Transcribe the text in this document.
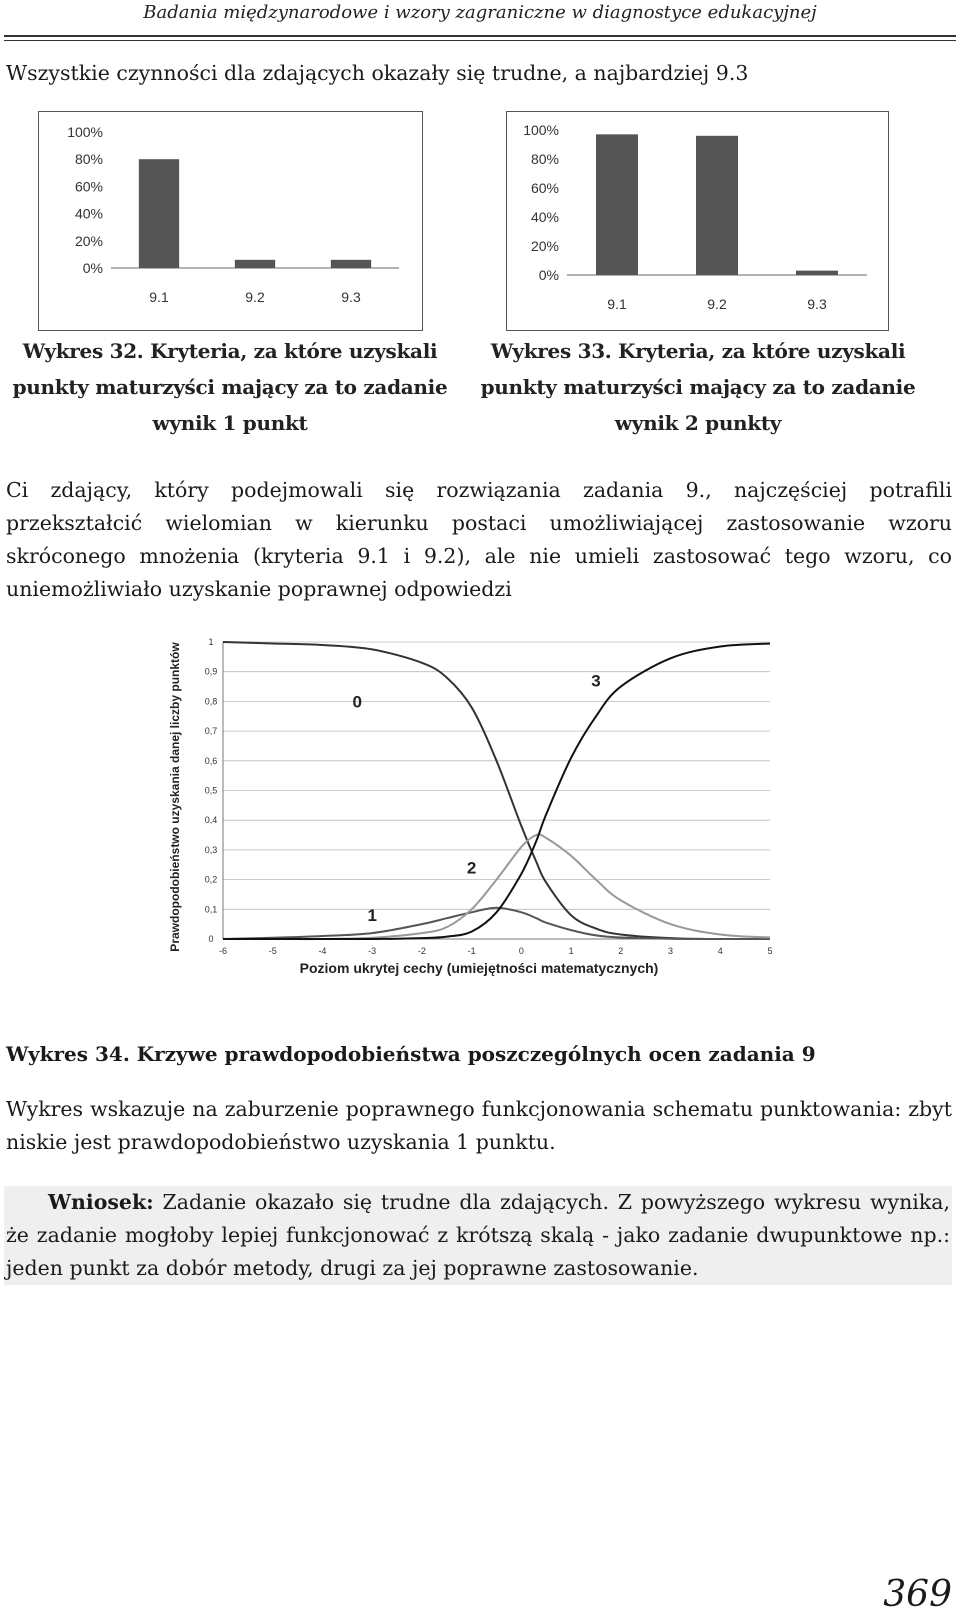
Badania międzynarodowe i wzory zagraniczne w diagnostyce edukacyjnej
Wszystkie czynności dla zdających okazały się trudne, a najbardziej 9.3
0%
20%
40%
60%
80%
100%
9.1	9.2	9.3
Wykres 32. Kryteria, za które uzyskali
punkty maturzyści mający za to zadanie
wynik 1 punkt
0%
20%
40%
60%
80%
100%
9.1	9.2	9.3
Wykres 33. Kryteria, za które uzyskali
punkty maturzyści mający za to zadanie
wynik 2 punkty
Ci zdający, który podejmowali się rozwiązania zadania 9., najczęściej potrafili przekształcić wielomian w kierunku postaci umożliwiającej zastosowanie wzoru skróconego mnożenia (kryteria 9.1 i 9.2), ale nie umieli zastosować tego wzoru, co uniemożliwiało uzyskanie poprawnej odpowiedzi
0
0,1
0,2
0,3
0,4
0,5
0,6
0,7
0,8
0,9
1
-6	-5	-4	-3	-2	-1	0	1	2	3	4	5
0
1
2
3
Poziom ukrytej cechy (umiejętności matematycznych)
Prawdopodobieństwo uzyskania danej liczby punktów
Wykres 34. Krzywe prawdopodobieństwa poszczególnych ocen zadania 9
Wykres wskazuje na zaburzenie poprawnego funkcjonowania schematu punktowania: zbyt niskie jest prawdopodobieństwo uzyskania 1 punktu.
Wniosek: Zadanie okazało się trudne dla zdających. Z powyższego wykresu wynika, że zadanie mogłoby lepiej funkcjonować z krótszą skalą - jako zadanie dwupunktowe np.: jeden punkt za dobór metody, drugi za jej poprawne zastosowanie.
369
